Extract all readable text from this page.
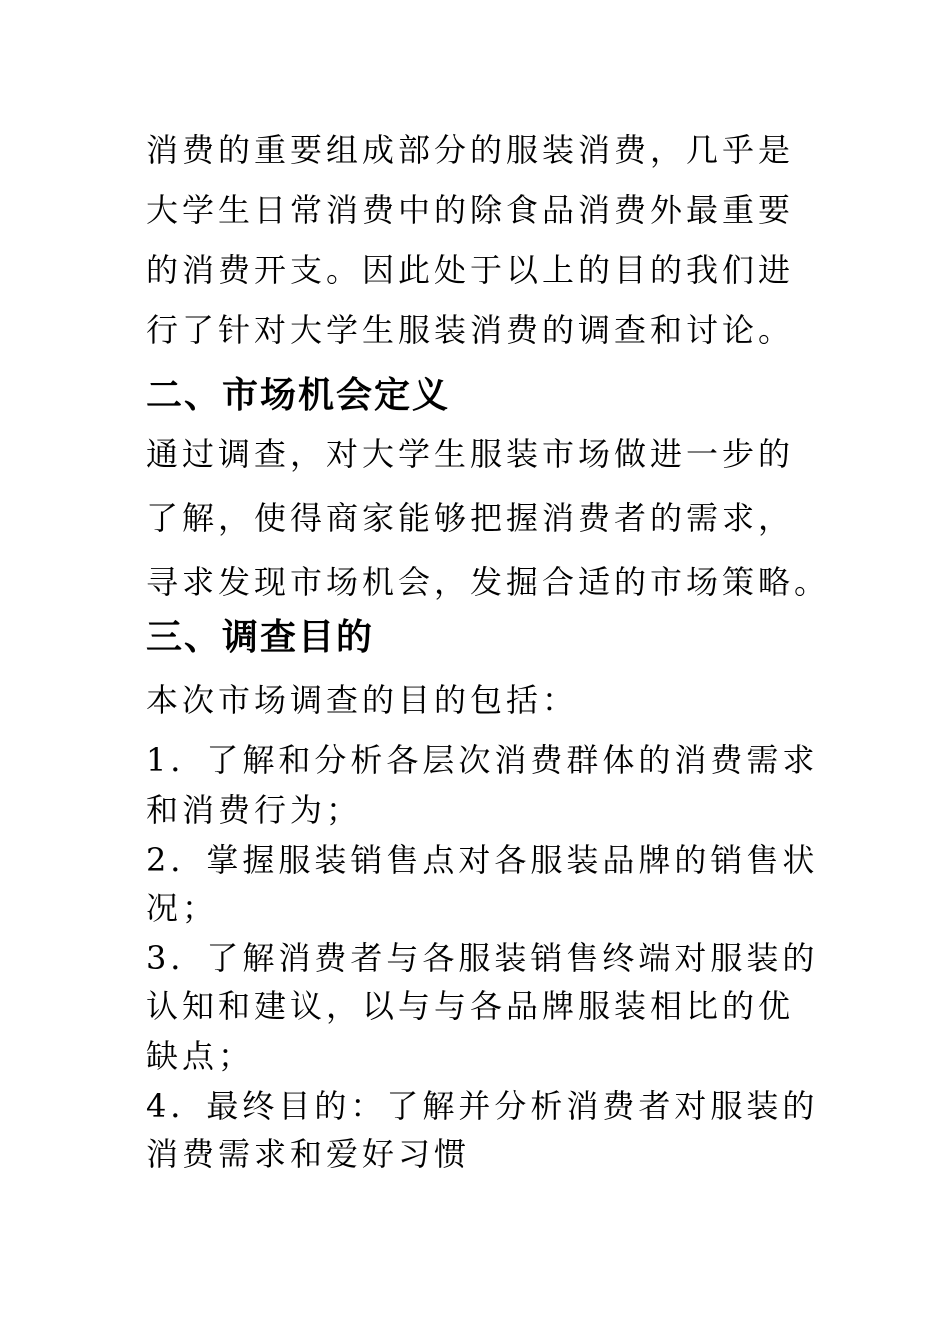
消费的重要组成部分的服装消费，几乎是
大学生日常消费中的除食品消费外最重要
的消费开支。因此处于以上的目的我们进
行了针对大学生服装消费的调查和讨论。
二、市场机会定义
通过调查，对大学生服装市场做进一步的
了解，使得商家能够把握消费者的需求，
寻求发现市场机会，发掘合适的市场策略。
三、调查目的
本次市场调查的目的包括：
1．了解和分析各层次消费群体的消费需求
和消费行为；
2．掌握服装销售点对各服装品牌的销售状
况；
3．了解消费者与各服装销售终端对服装的
认知和建议，以与与各品牌服装相比的优
缺点；
4．最终目的：了解并分析消费者对服装的
消费需求和爱好习惯
